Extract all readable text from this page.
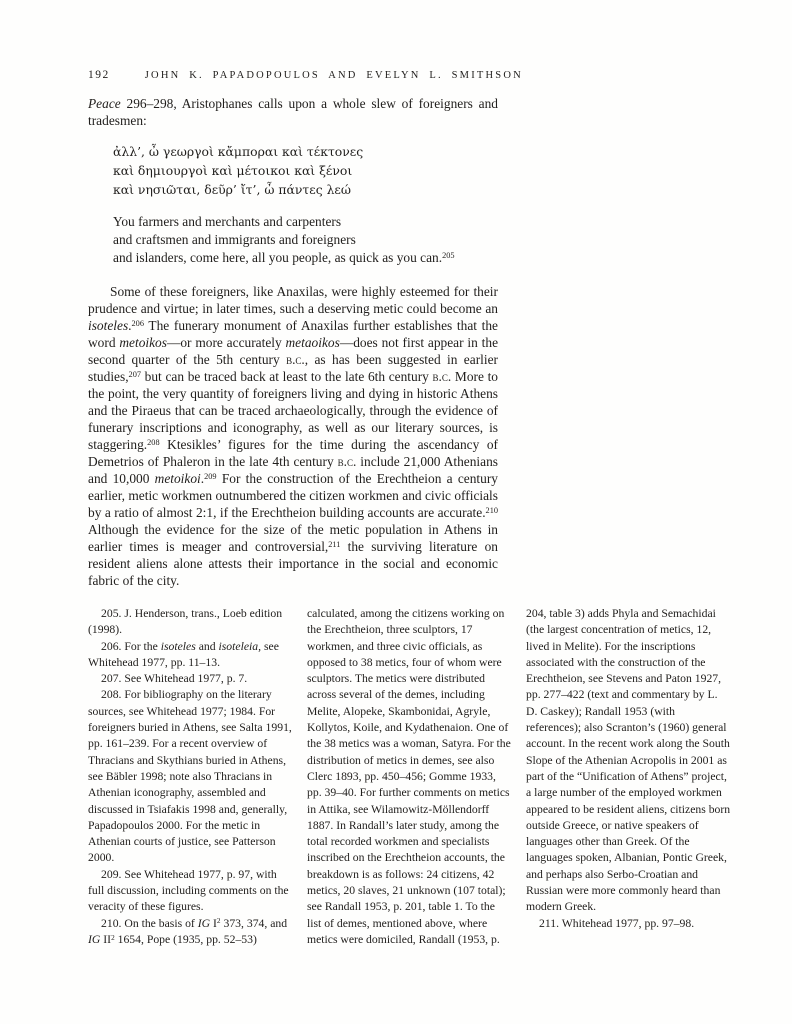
192	JOHN K. PAPADOPOULOS AND EVELYN L. SMITHSON

Peace 296–298, Aristophanes calls upon a whole slew of foreigners and tradesmen:

ἀλλ’, ὦ γεωργοὶ κἄμποραι καὶ τέκτονες
καὶ δημιουργοὶ καὶ μέτοικοι καὶ ξένοι
καὶ νησιῶται, δεῦρ’ ἴτ’, ὦ πάντες λεώ
You farmers and merchants and carpenters
and craftsmen and immigrants and foreigners
and islanders, come here, all you people, as quick as you can.$^{205}$

Some of these foreigners, like Anaxilas, were highly esteemed for their prudence and virtue; in later times, such a deserving metic could become an isoteles.$^{206}$ The funerary monument of Anaxilas further establishes that the word metoikos—or more accurately metaoikos—does not first appear in the second quarter of the 5th century b.c., as has been suggested in earlier studies,$^{207}$ but can be traced back at least to the late 6th century b.c. More to the point, the very quantity of foreigners living and dying in historic Athens and the Piraeus that can be traced archaeologically, through the evidence of funerary inscriptions and iconography, as well as our literary sources, is staggering.$^{208}$ Ktesikles’ figures for the time during the ascendancy of Demetrios of Phaleron in the late 4th century b.c. include 21,000 Athenians and 10,000 metoikoi.$^{209}$ For the construction of the Erechtheion a century earlier, metic workmen outnumbered the citizen workmen and civic officials by a ratio of almost 2:1, if the Erechtheion building accounts are accurate.$^{210}$ Although the evidence for the size of the metic population in Athens in earlier times is meager and controversial,$^{211}$ the surviving literature on resident aliens alone attests their importance in the social and economic fabric of the city.

205. J. Henderson, trans., Loeb edition (1998).

206. For the isoteles and isoteleia, see Whitehead 1977, pp. 11–13.

207. See Whitehead 1977, p. 7.

208. For bibliography on the literary sources, see Whitehead 1977; 1984. For foreigners buried in Athens, see Salta 1991, pp. 161–239. For a recent overview of Thracians and Skythians buried in Athens, see Bäbler 1998; note also Thracians in Athenian iconography, assembled and discussed in Tsiafakis 1998 and, generally, Papadopoulos 2000. For the metic in Athenian courts of justice, see Patterson 2000.

209. See Whitehead 1977, p. 97, with full discussion, including comments on the veracity of these figures.

210. On the basis of IG $I^2$ 373, 374, and IG $II^2$ 1654, Pope (1935, pp. 52–53) calculated, among the citizens working on the Erechtheion, three sculptors, 17 workmen, and three civic officials, as opposed to 38 metics, four of whom were sculptors. The metics were distributed across several of the demes, including Melite, Alopeke, Skambonidai, Agryle, Kollytos, Koile, and Kydathenaion. One of the 38 metics was a woman, Satyra. For the distribution of metics in demes, see also Clerc 1893, pp. 450–456; Gomme 1933, pp. 39–40. For further comments on metics in Attika, see Wilamowitz-Möllendorff 1887. In Randall’s later study, among the total recorded workmen and specialists inscribed on the Erechtheion accounts, the breakdown is as follows: 24 citizens, 42 metics, 20 slaves, 21 unknown (107 total); see Randall 1953, p. 201, table 1. To the list of demes, mentioned above, where metics were domiciled, Randall (1953, p. 204, table 3) adds Phyla and Semachidai (the largest concentration of metics, 12, lived in Melite). For the inscriptions associated with the construction of the Erechtheion, see Stevens and Paton 1927, pp. 277–422 (text and commentary by L. D. Caskey); Randall 1953 (with references); also Scranton’s (1960) general account. In the recent work along the South Slope of the Athenian Acropolis in 2001 as part of the “Unification of Athens” project, a large number of the employed workmen appeared to be resident aliens, citizens born outside Greece, or native speakers of languages other than Greek. Of the languages spoken, Albanian, Pontic Greek, and perhaps also Serbo-Croatian and Russian were more commonly heard than modern Greek.

211. Whitehead 1977, pp. 97–98.
